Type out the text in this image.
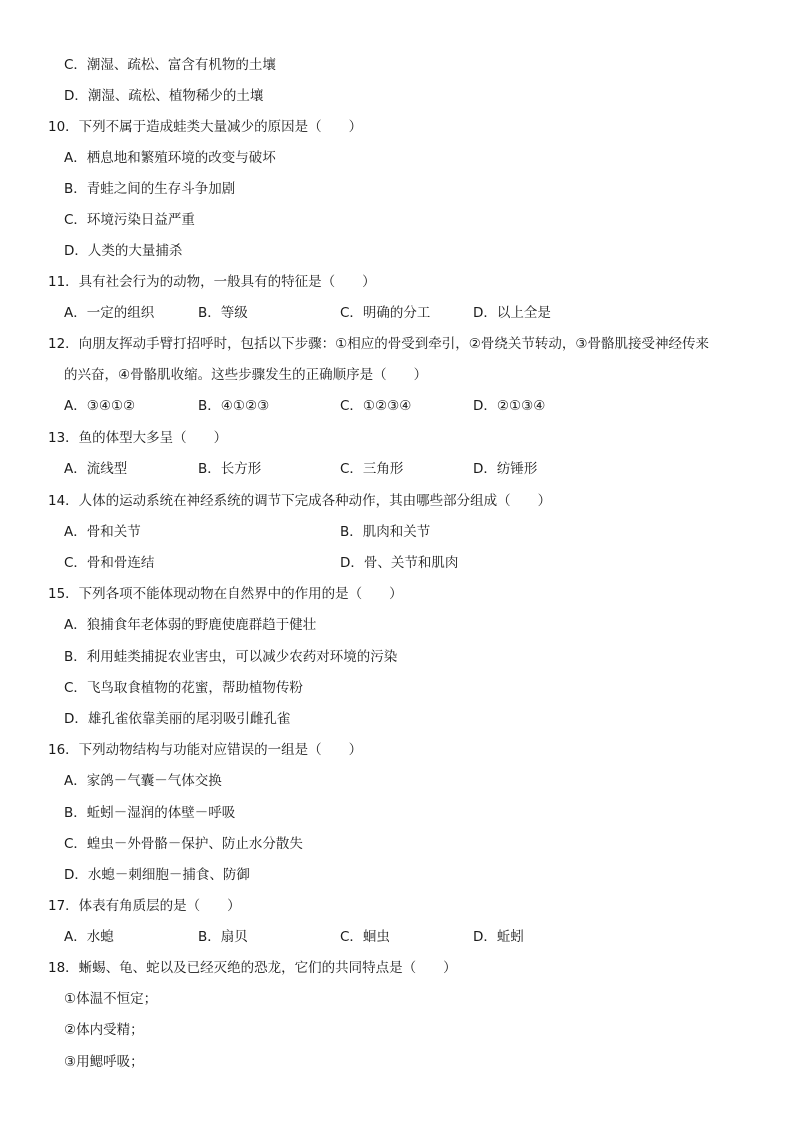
C．潮湿、疏松、富含有机物的土壤
D．潮湿、疏松、植物稀少的土壤
10．下列不属于造成蛙类大量减少的原因是（　　）
A．栖息地和繁殖环境的改变与破坏
B．青蛙之间的生存斗争加剧
C．环境污染日益严重
D．人类的大量捕杀
11．具有社会行为的动物，一般具有的特征是（　　）
A．一定的组织	B．等级	C．明确的分工	D．以上全是
12．向朋友挥动手臂打招呼时，包括以下步骤：①相应的骨受到牵引，②骨绕关节转动，③骨骼肌接受神经传来
的兴奋，④骨骼肌收缩。这些步骤发生的正确顺序是（　　）
A．③④①②	B．④①②③	C．①②③④	D．②①③④
13．鱼的体型大多呈（　　）
A．流线型	B．长方形	C．三角形	D．纺锤形
14．人体的运动系统在神经系统的调节下完成各种动作，其由哪些部分组成（　　）
A．骨和关节	B．肌肉和关节
C．骨和骨连结	D．骨、关节和肌肉
15．下列各项不能体现动物在自然界中的作用的是（　　）
A．狼捕食年老体弱的野鹿使鹿群趋于健壮
B．利用蛙类捕捉农业害虫，可以减少农药对环境的污染
C．飞鸟取食植物的花蜜，帮助植物传粉
D．雄孔雀依靠美丽的尾羽吸引雌孔雀
16．下列动物结构与功能对应错误的一组是（　　）
A．家鸽－气囊－气体交换
B．蚯蚓－湿润的体壁－呼吸
C．蝗虫－外骨骼－保护、防止水分散失
D．水螅－刺细胞－捕食、防御
17．体表有角质层的是（　　）
A．水螅	B．扇贝	C．蛔虫	D．蚯蚓
18．蜥蜴、龟、蛇以及已经灭绝的恐龙，它们的共同特点是（　　）
①体温不恒定；
②体内受精；
③用鳃呼吸；
